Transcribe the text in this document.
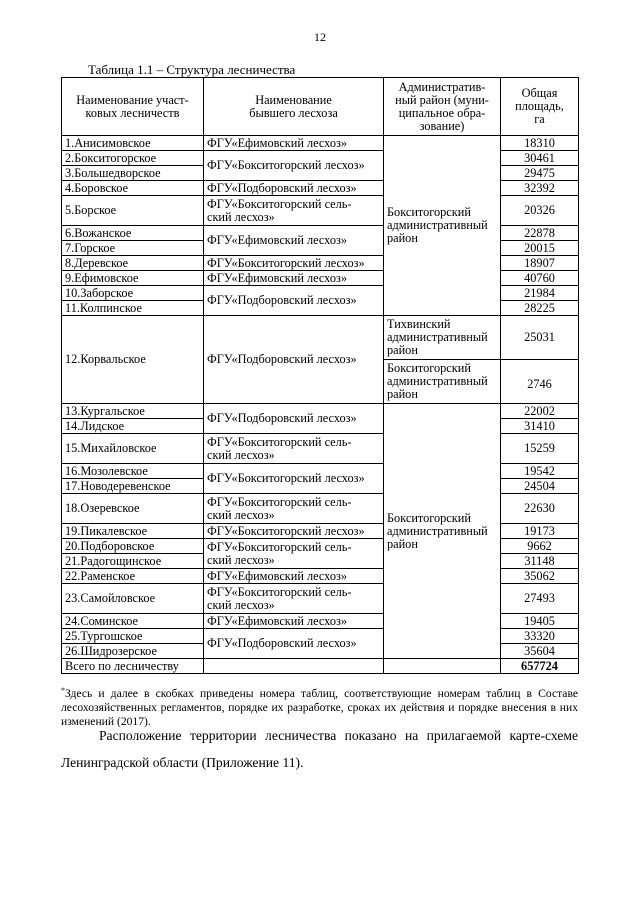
12
Таблица 1.1 – Структура лесничества
Наименование участ-
ковых лесничеств	Наименование
бывшего лесхоза	Административ-
ный район (муни-
ципальное обра-
зование)	Общая
площадь,
га
1.Анисимовское	ФГУ«Ефимовский лесхоз»	Бокситогорский
административный
район	18310
2.Бокситогорское	ФГУ«Бокситогорский лесхоз»		30461
3.Большедворское			29475
4.Боровское	ФГУ«Подборовский лесхоз»		32392
5.Борское	ФГУ«Бокситогорский сель-
ский лесхоз»		20326
6.Вожанское	ФГУ«Ефимовский лесхоз»		22878
7.Горское			20015
8.Деревское	ФГУ«Бокситогорский лесхоз»		18907
9.Ефимовское	ФГУ«Ефимовский лесхоз»		40760
10.Заборское	ФГУ«Подборовский лесхоз»		21984
11.Колпинское			28225
12.Корвальское	ФГУ«Подборовский лесхоз»	Тихвинский
административный
район	25031
		Бокситогорский
административный
район	2746
13.Кургальское	ФГУ«Подборовский лесхоз»	Бокситогорский
административный
район	22002
14.Лидское			31410
15.Михайловское	ФГУ«Бокситогорский сель-
ский лесхоз»		15259
16.Мозолевское	ФГУ«Бокситогорский лесхоз»		19542
17.Новодеревенское			24504
18.Озеревское	ФГУ«Бокситогорский сель-
ский лесхоз»		22630
19.Пикалевское	ФГУ«Бокситогорский лесхоз»		19173
20.Подборовское	ФГУ«Бокситогорский сель-
ский лесхоз»		9662
21.Радогощинское			31148
22.Раменское	ФГУ«Ефимовский лесхоз»		35062
23.Самойловское	ФГУ«Бокситогорский сель-
ский лесхоз»		27493
24.Соминское	ФГУ«Ефимовский лесхоз»		19405
25.Тургошское	ФГУ«Подборовский лесхоз»		33320
26.Шидрозерское			35604
Всего по лесничеству			657724
*Здесь и далее в скобках приведены номера таблиц, соответствующие номерам таблиц в Составе лесохозяйственных регламентов, порядке их разработке, сроках их действия и порядке внесения в них изменений (2017).
Расположение территории лесничества показано на прилагаемой карте-схеме
Ленинградской области (Приложение 11).
